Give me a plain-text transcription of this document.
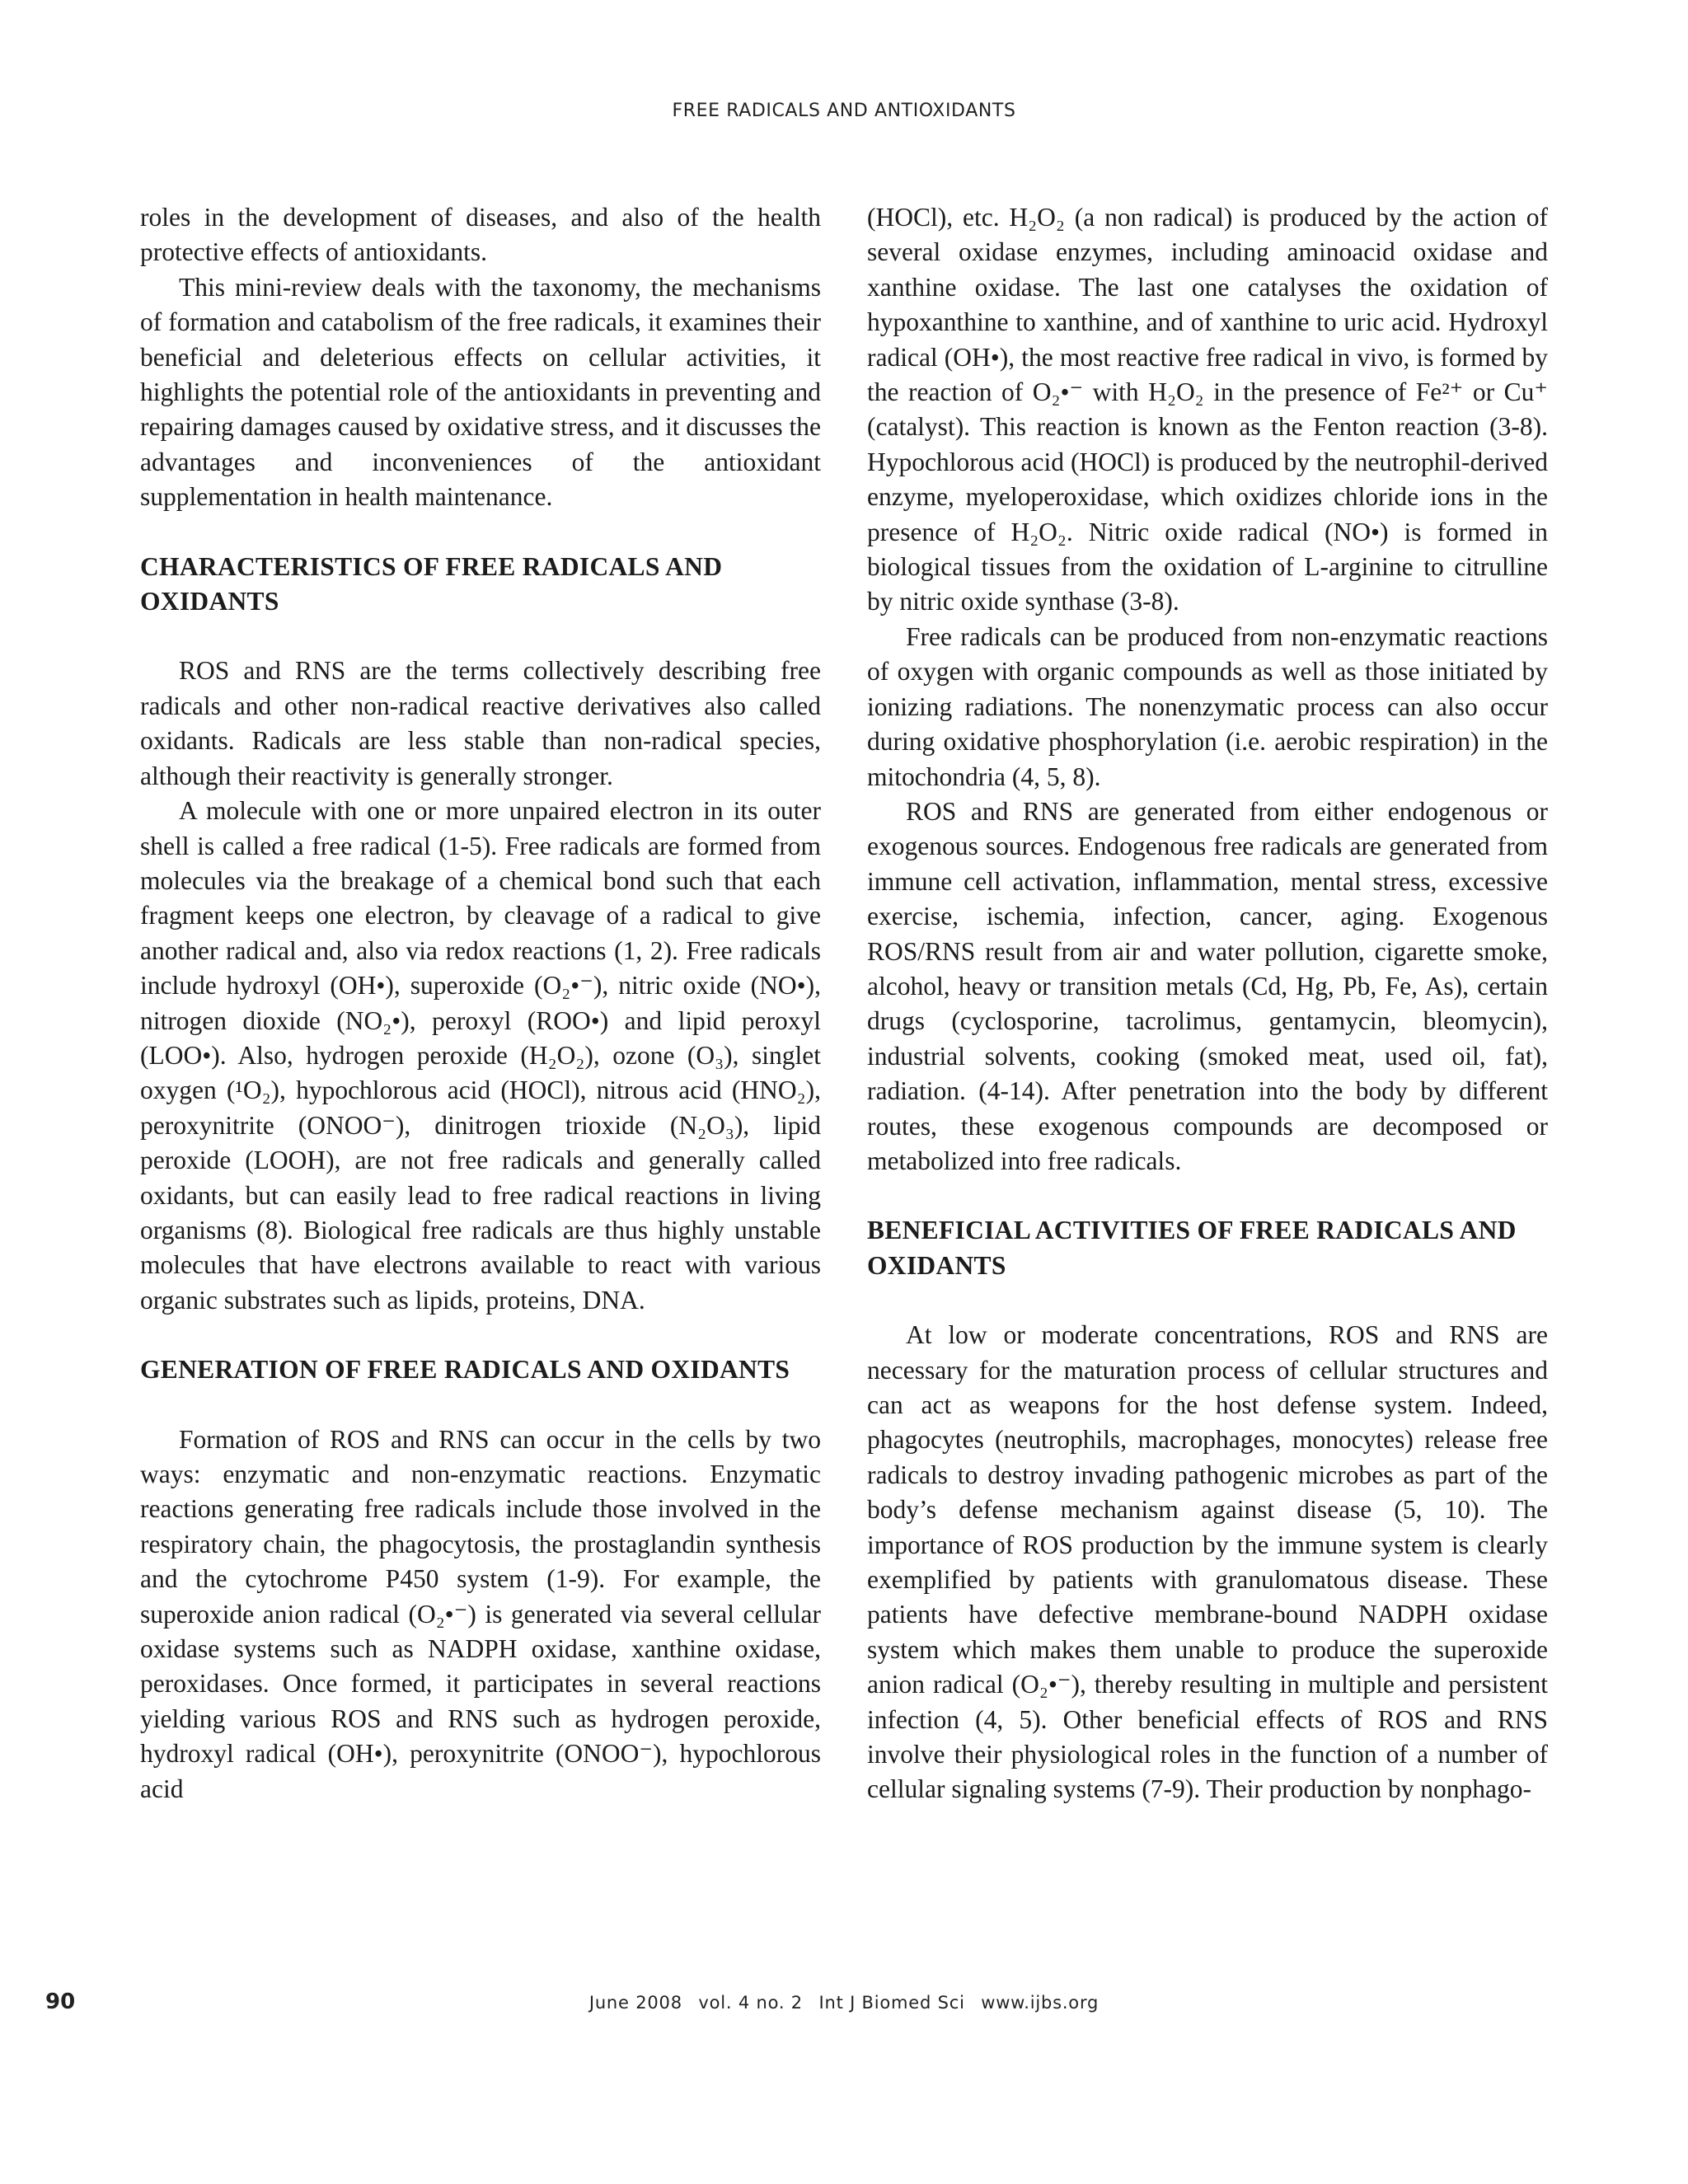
FREE RADICALS AND ANTIOXIDANTS

roles in the development of diseases, and also of the health protective effects of antioxidants.

This mini-review deals with the taxonomy, the mechanisms of formation and catabolism of the free radicals, it examines their beneficial and deleterious effects on cellular activities, it highlights the potential role of the antioxidants in preventing and repairing damages caused by oxidative stress, and it discusses the advantages and inconveniences of the antioxidant supplementation in health maintenance.

CHARACTERISTICS OF FREE RADICALS AND OXIDANTS

ROS and RNS are the terms collectively describing free radicals and other non-radical reactive derivatives also called oxidants. Radicals are less stable than non-radical species, although their reactivity is generally stronger.

A molecule with one or more unpaired electron in its outer shell is called a free radical (1-5). Free radicals are formed from molecules via the breakage of a chemical bond such that each fragment keeps one electron, by cleavage of a radical to give another radical and, also via redox reactions (1, 2). Free radicals include hydroxyl (OH•), superoxide (O₂•⁻), nitric oxide (NO•), nitrogen dioxide (NO₂•), peroxyl (ROO•) and lipid peroxyl (LOO•). Also, hydrogen peroxide (H₂O₂), ozone (O₃), singlet oxygen (¹O₂), hypochlorous acid (HOCl), nitrous acid (HNO₂), peroxynitrite (ONOO⁻), dinitrogen trioxide (N₂O₃), lipid peroxide (LOOH), are not free radicals and generally called oxidants, but can easily lead to free radical reactions in living organisms (8). Biological free radicals are thus highly unstable molecules that have electrons available to react with various organic substrates such as lipids, proteins, DNA.

GENERATION OF FREE RADICALS AND OXIDANTS

Formation of ROS and RNS can occur in the cells by two ways: enzymatic and non-enzymatic reactions. Enzymatic reactions generating free radicals include those involved in the respiratory chain, the phagocytosis, the prostaglandin synthesis and the cytochrome P450 system (1-9). For example, the superoxide anion radical (O₂•⁻) is generated via several cellular oxidase systems such as NADPH oxidase, xanthine oxidase, peroxidases. Once formed, it participates in several reactions yielding various ROS and RNS such as hydrogen peroxide, hydroxyl radical (OH•), peroxynitrite (ONOO⁻), hypochlorous acid

(HOCl), etc. H₂O₂ (a non radical) is produced by the action of several oxidase enzymes, including aminoacid oxidase and xanthine oxidase. The last one catalyses the oxidation of hypoxanthine to xanthine, and of xanthine to uric acid. Hydroxyl radical (OH•), the most reactive free radical in vivo, is formed by the reaction of O₂•⁻ with H₂O₂ in the presence of Fe²⁺ or Cu⁺ (catalyst). This reaction is known as the Fenton reaction (3-8). Hypochlorous acid (HOCl) is produced by the neutrophil-derived enzyme, myeloperoxidase, which oxidizes chloride ions in the presence of H₂O₂. Nitric oxide radical (NO•) is formed in biological tissues from the oxidation of L-arginine to citrulline by nitric oxide synthase (3-8).

Free radicals can be produced from non-enzymatic reactions of oxygen with organic compounds as well as those initiated by ionizing radiations. The nonenzymatic process can also occur during oxidative phosphorylation (i.e. aerobic respiration) in the mitochondria (4, 5, 8).

ROS and RNS are generated from either endogenous or exogenous sources. Endogenous free radicals are generated from immune cell activation, inflammation, mental stress, excessive exercise, ischemia, infection, cancer, aging. Exogenous ROS/RNS result from air and water pollution, cigarette smoke, alcohol, heavy or transition metals (Cd, Hg, Pb, Fe, As), certain drugs (cyclosporine, tacrolimus, gentamycin, bleomycin), industrial solvents, cooking (smoked meat, used oil, fat), radiation. (4-14). After penetration into the body by different routes, these exogenous compounds are decomposed or metabolized into free radicals.

BENEFICIAL ACTIVITIES OF FREE RADICALS AND OXIDANTS

At low or moderate concentrations, ROS and RNS are necessary for the maturation process of cellular structures and can act as weapons for the host defense system. Indeed, phagocytes (neutrophils, macrophages, monocytes) release free radicals to destroy invading pathogenic microbes as part of the body’s defense mechanism against disease (5, 10). The importance of ROS production by the immune system is clearly exemplified by patients with granulomatous disease. These patients have defective membrane-bound NADPH oxidase system which makes them unable to produce the superoxide anion radical (O₂•⁻), thereby resulting in multiple and persistent infection (4, 5). Other beneficial effects of ROS and RNS involve their physiological roles in the function of a number of cellular signaling systems (7-9). Their production by nonphago-

90	June 2008 vol. 4 no. 2 Int J Biomed Sci www.ijbs.org
